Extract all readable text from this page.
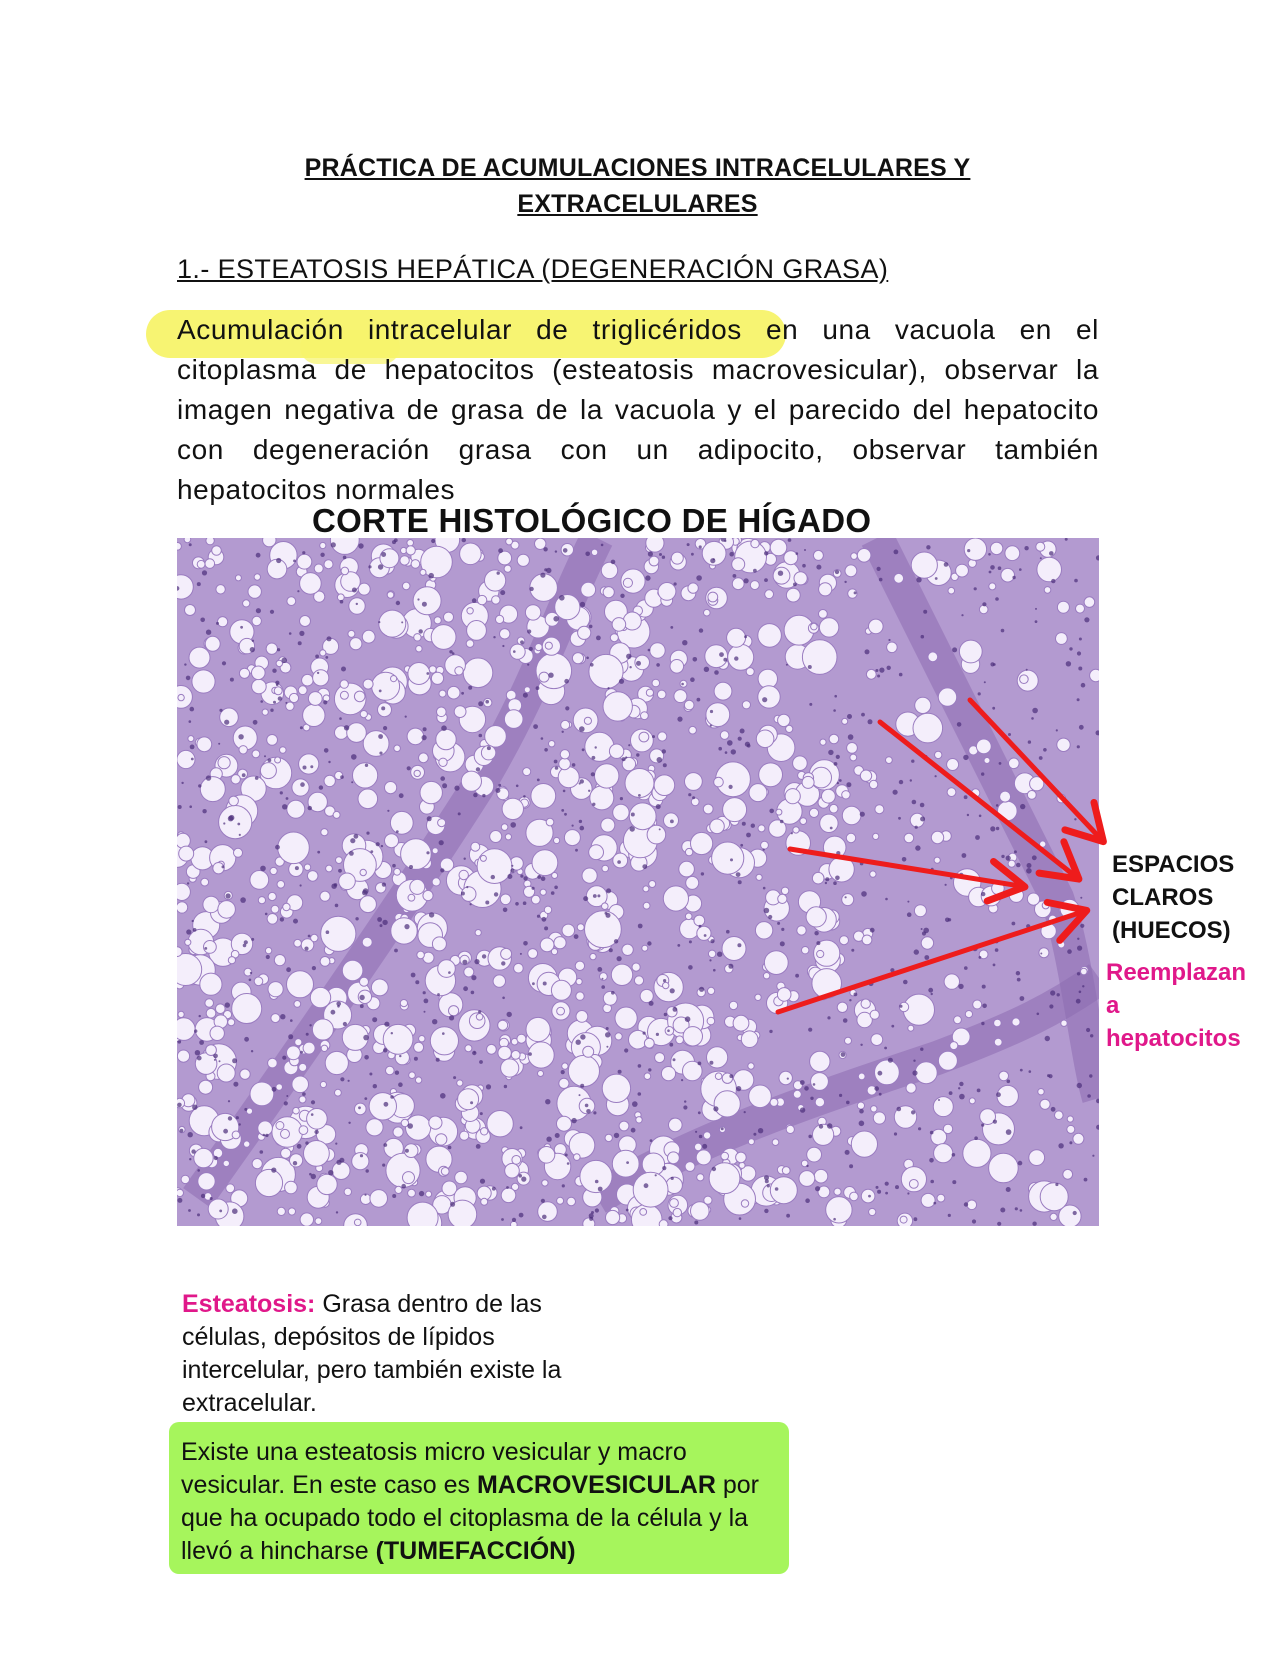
PRÁCTICA DE ACUMULACIONES INTRACELULARES Y
EXTRACELULARES
1.- ESTEATOSIS HEPÁTICA (DEGENERACIÓN GRASA)

Acumulación intracelular de triglicéridos en una vacuola en el citoplasma de hepatocitos (esteatosis macrovesicular), observar la imagen negativa de grasa de la vacuola y el parecido del hepatocito con degeneración grasa con un adipocito, observar también hepatocitos normales

CORTE HISTOLÓGICO DE HÍGADO

ESPACIOS
CLAROS
(HUECOS)

Reemplazan
a
hepatocitos

Esteatosis: Grasa dentro de las células, depósitos de lípidos intercelular, pero también existe la extracelular.

Existe una esteatosis micro vesicular y macro vesicular. En este caso es MACROVESICULAR por que ha ocupado todo el citoplasma de la célula y la llevó a hincharse (TUMEFACCIÓN)
